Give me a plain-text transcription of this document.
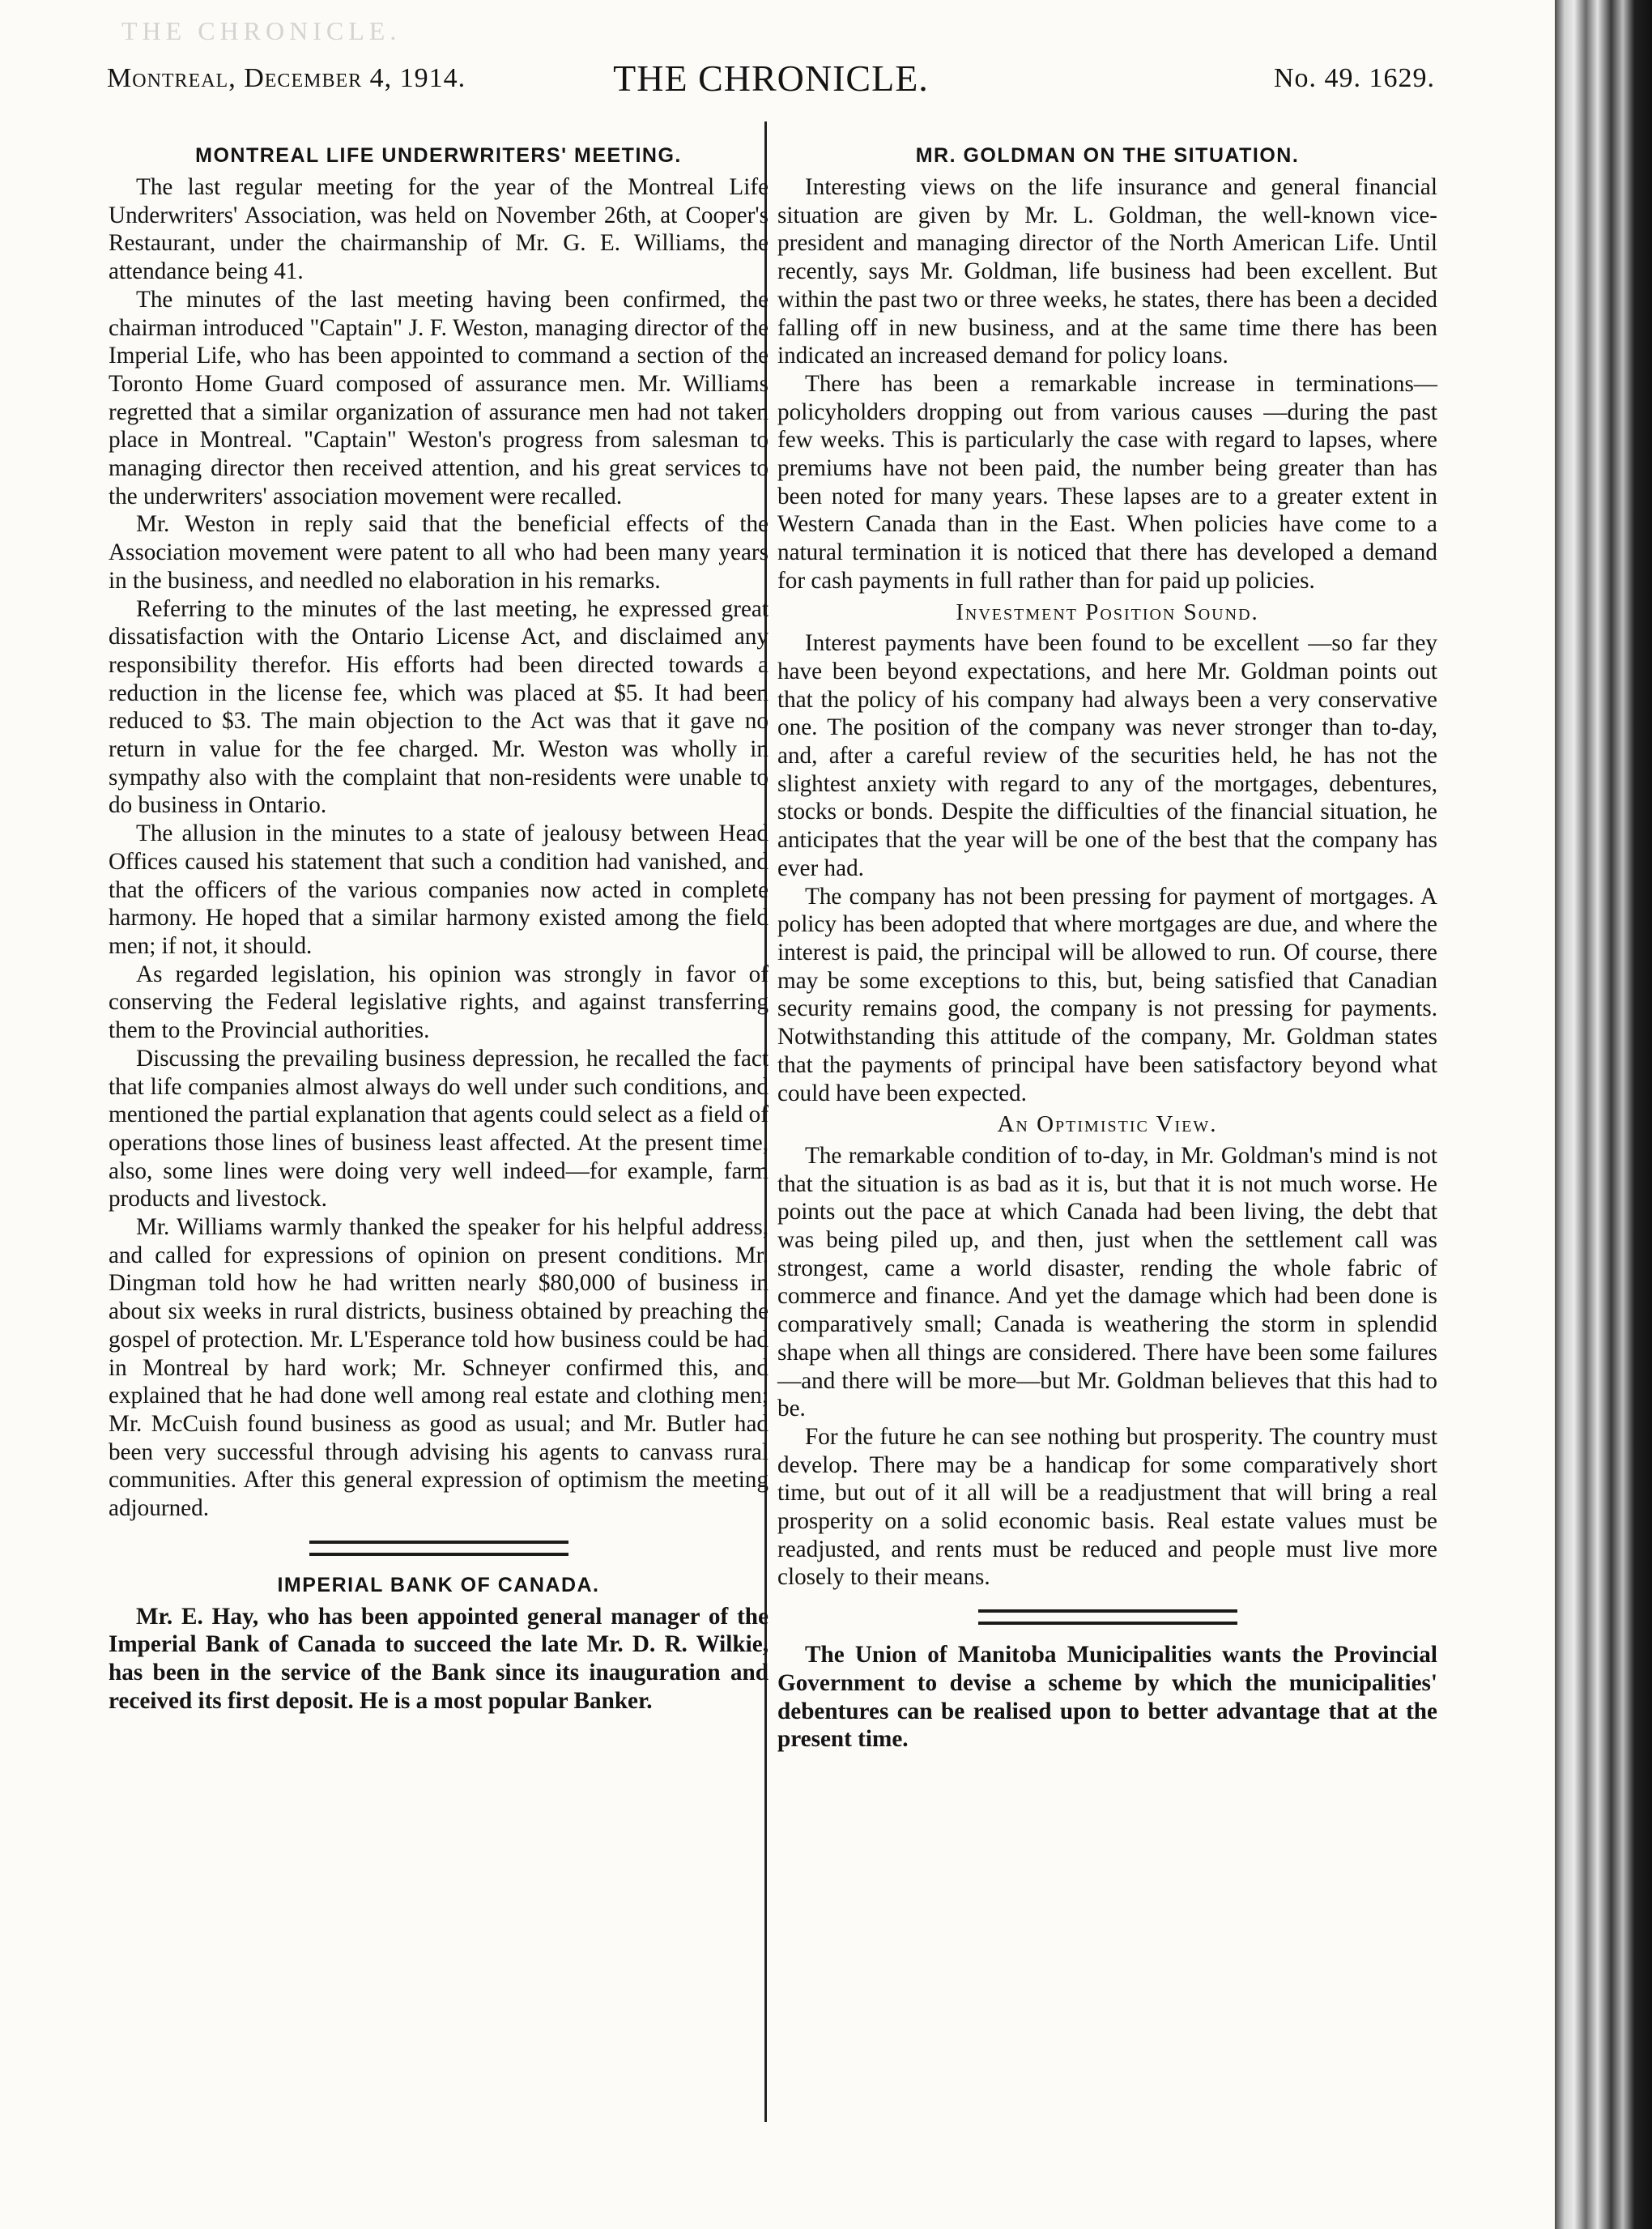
THE CHRONICLE.
Montreal, December 4, 1914.	THE CHRONICLE.	No. 49. 1629.
MONTREAL LIFE UNDERWRITERS' MEETING.

The last regular meeting for the year of the Montreal Life Underwriters' Association, was held on November 26th, at Cooper's Restaurant, under the chairmanship of Mr. G. E. Williams, the attendance being 41.

The minutes of the last meeting having been confirmed, the chairman introduced "Captain" J. F. Weston, managing director of the Imperial Life, who has been appointed to command a section of the Toronto Home Guard composed of assurance men. Mr. Williams regretted that a similar organization of assurance men had not taken place in Montreal. "Captain" Weston's progress from salesman to managing director then received attention, and his great services to the underwriters' association movement were recalled.

Mr. Weston in reply said that the beneficial effects of the Association movement were patent to all who had been many years in the business, and needled no elaboration in his remarks.

Referring to the minutes of the last meeting, he expressed great dissatisfaction with the Ontario License Act, and disclaimed any responsibility therefor. His efforts had been directed towards a reduction in the license fee, which was placed at $5. It had been reduced to $3. The main objection to the Act was that it gave no return in value for the fee charged. Mr. Weston was wholly in sympathy also with the complaint that non-residents were unable to do business in Ontario.

The allusion in the minutes to a state of jealousy between Head Offices caused his statement that such a condition had vanished, and that the officers of the various companies now acted in complete harmony. He hoped that a similar harmony existed among the field men; if not, it should.

As regarded legislation, his opinion was strongly in favor of conserving the Federal legislative rights, and against transferring them to the Provincial authorities.

Discussing the prevailing business depression, he recalled the fact that life companies almost always do well under such conditions, and mentioned the partial explanation that agents could select as a field of operations those lines of business least affected. At the present time, also, some lines were doing very well indeed—for example, farm products and livestock.

Mr. Williams warmly thanked the speaker for his helpful address, and called for expressions of opinion on present conditions. Mr. Dingman told how he had written nearly $80,000 of business in about six weeks in rural districts, business obtained by preaching the gospel of protection. Mr. L'Esperance told how business could be had in Montreal by hard work; Mr. Schneyer confirmed this, and explained that he had done well among real estate and clothing men; Mr. McCuish found business as good as usual; and Mr. Butler had been very successful through advising his agents to canvass rural communities. After this general expression of optimism the meeting adjourned.

IMPERIAL BANK OF CANADA.

Mr. E. Hay, who has been appointed general manager of the Imperial Bank of Canada to succeed the late Mr. D. R. Wilkie, has been in the service of the Bank since its inauguration and received its first deposit. He is a most popular Banker.

MR. GOLDMAN ON THE SITUATION.

Interesting views on the life insurance and general financial situation are given by Mr. L. Goldman, the well-known vice-president and managing director of the North American Life. Until recently, says Mr. Goldman, life business had been excellent. But within the past two or three weeks, he states, there has been a decided falling off in new business, and at the same time there has been indicated an increased demand for policy loans.

There has been a remarkable increase in terminations—policyholders dropping out from various causes —during the past few weeks. This is particularly the case with regard to lapses, where premiums have not been paid, the number being greater than has been noted for many years. These lapses are to a greater extent in Western Canada than in the East. When policies have come to a natural termination it is noticed that there has developed a demand for cash payments in full rather than for paid up policies.

Investment Position Sound.

Interest payments have been found to be excellent —so far they have been beyond expectations, and here Mr. Goldman points out that the policy of his company had always been a very conservative one. The position of the company was never stronger than to-day, and, after a careful review of the securities held, he has not the slightest anxiety with regard to any of the mortgages, debentures, stocks or bonds. Despite the difficulties of the financial situation, he anticipates that the year will be one of the best that the company has ever had.

The company has not been pressing for payment of mortgages. A policy has been adopted that where mortgages are due, and where the interest is paid, the principal will be allowed to run. Of course, there may be some exceptions to this, but, being satisfied that Canadian security remains good, the company is not pressing for payments. Notwithstanding this attitude of the company, Mr. Goldman states that the payments of principal have been satisfactory beyond what could have been expected.

An Optimistic View.

The remarkable condition of to-day, in Mr. Goldman's mind is not that the situation is as bad as it is, but that it is not much worse. He points out the pace at which Canada had been living, the debt that was being piled up, and then, just when the settlement call was strongest, came a world disaster, rending the whole fabric of commerce and finance. And yet the damage which had been done is comparatively small; Canada is weathering the storm in splendid shape when all things are considered. There have been some failures—and there will be more—but Mr. Goldman believes that this had to be.

For the future he can see nothing but prosperity. The country must develop. There may be a handicap for some comparatively short time, but out of it all will be a readjustment that will bring a real prosperity on a solid economic basis. Real estate values must be readjusted, and rents must be reduced and people must live more closely to their means.

The Union of Manitoba Municipalities wants the Provincial Government to devise a scheme by which the municipalities' debentures can be realised upon to better advantage that at the present time.
